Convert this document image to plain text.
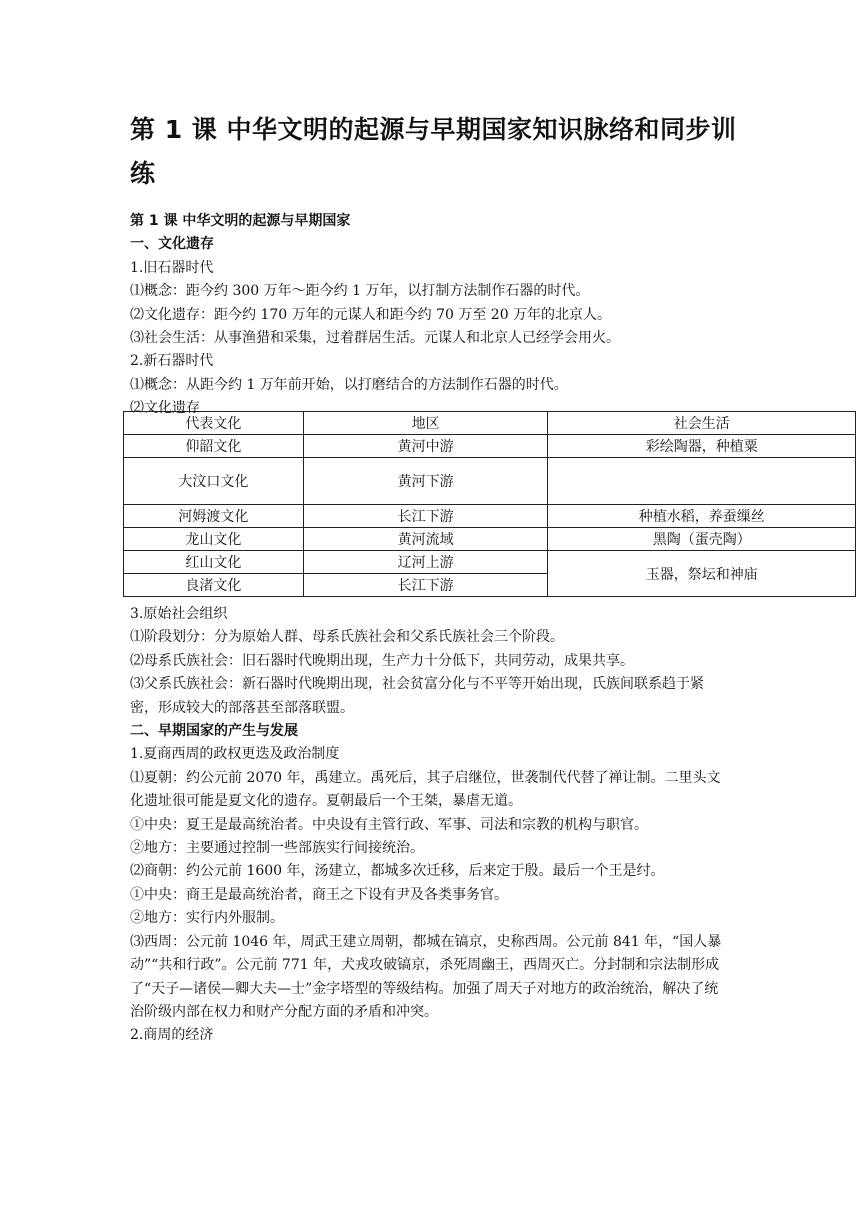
第 1 课 中华文明的起源与早期国家知识脉络和同步训练

第 1 课 中华文明的起源与早期国家

一、文化遗存

1.旧石器时代

⑴概念：距今约 300 万年～距今约 1 万年，以打制方法制作石器的时代。

⑵文化遗存：距今约 170 万年的元谋人和距今约 70 万至 20 万年的北京人。

⑶社会生活：从事渔猎和采集，过着群居生活。元谋人和北京人已经学会用火。

2.新石器时代

⑴概念：从距今约 1 万年前开始，以打磨结合的方法制作石器的时代。

⑵文化遗存

代表文化	地区	社会生活
仰韶文化	黄河中游	彩绘陶器，种植粟
大汶口文化	黄河下游	
河姆渡文化	长江下游	种植水稻，养蚕缫丝
龙山文化	黄河流域	黑陶（蛋壳陶）
红山文化	辽河上游	玉器，祭坛和神庙
良渚文化	长江下游	

3.原始社会组织

⑴阶段划分：分为原始人群、母系氏族社会和父系氏族社会三个阶段。

⑵母系氏族社会：旧石器时代晚期出现，生产力十分低下，共同劳动，成果共享。

⑶父系氏族社会：新石器时代晚期出现，社会贫富分化与不平等开始出现，氏族间联系趋于紧密，形成较大的部落甚至部落联盟。

二、早期国家的产生与发展

1.夏商西周的政权更迭及政治制度

⑴夏朝：约公元前 2070 年，禹建立。禹死后，其子启继位，世袭制代代替了禅让制。二里头文化遗址很可能是夏文化的遗存。夏朝最后一个王桀，暴虐无道。

①中央：夏王是最高统治者。中央设有主管行政、军事、司法和宗教的机构与职官。

②地方：主要通过控制一些部族实行间接统治。

⑵商朝：约公元前 1600 年，汤建立，都城多次迁移，后来定于殷。最后一个王是纣。

①中央：商王是最高统治者，商王之下设有尹及各类事务官。

②地方：实行内外服制。

⑶西周：公元前 1046 年，周武王建立周朝，都城在镐京，史称西周。公元前 841 年，“国人暴动”“共和行政”。公元前 771 年，犬戎攻破镐京，杀死周幽王，西周灭亡。分封制和宗法制形成了“天子—诸侯—卿大夫—士”金字塔型的等级结构。加强了周天子对地方的政治统治，解决了统治阶级内部在权力和财产分配方面的矛盾和冲突。

2.商周的经济
